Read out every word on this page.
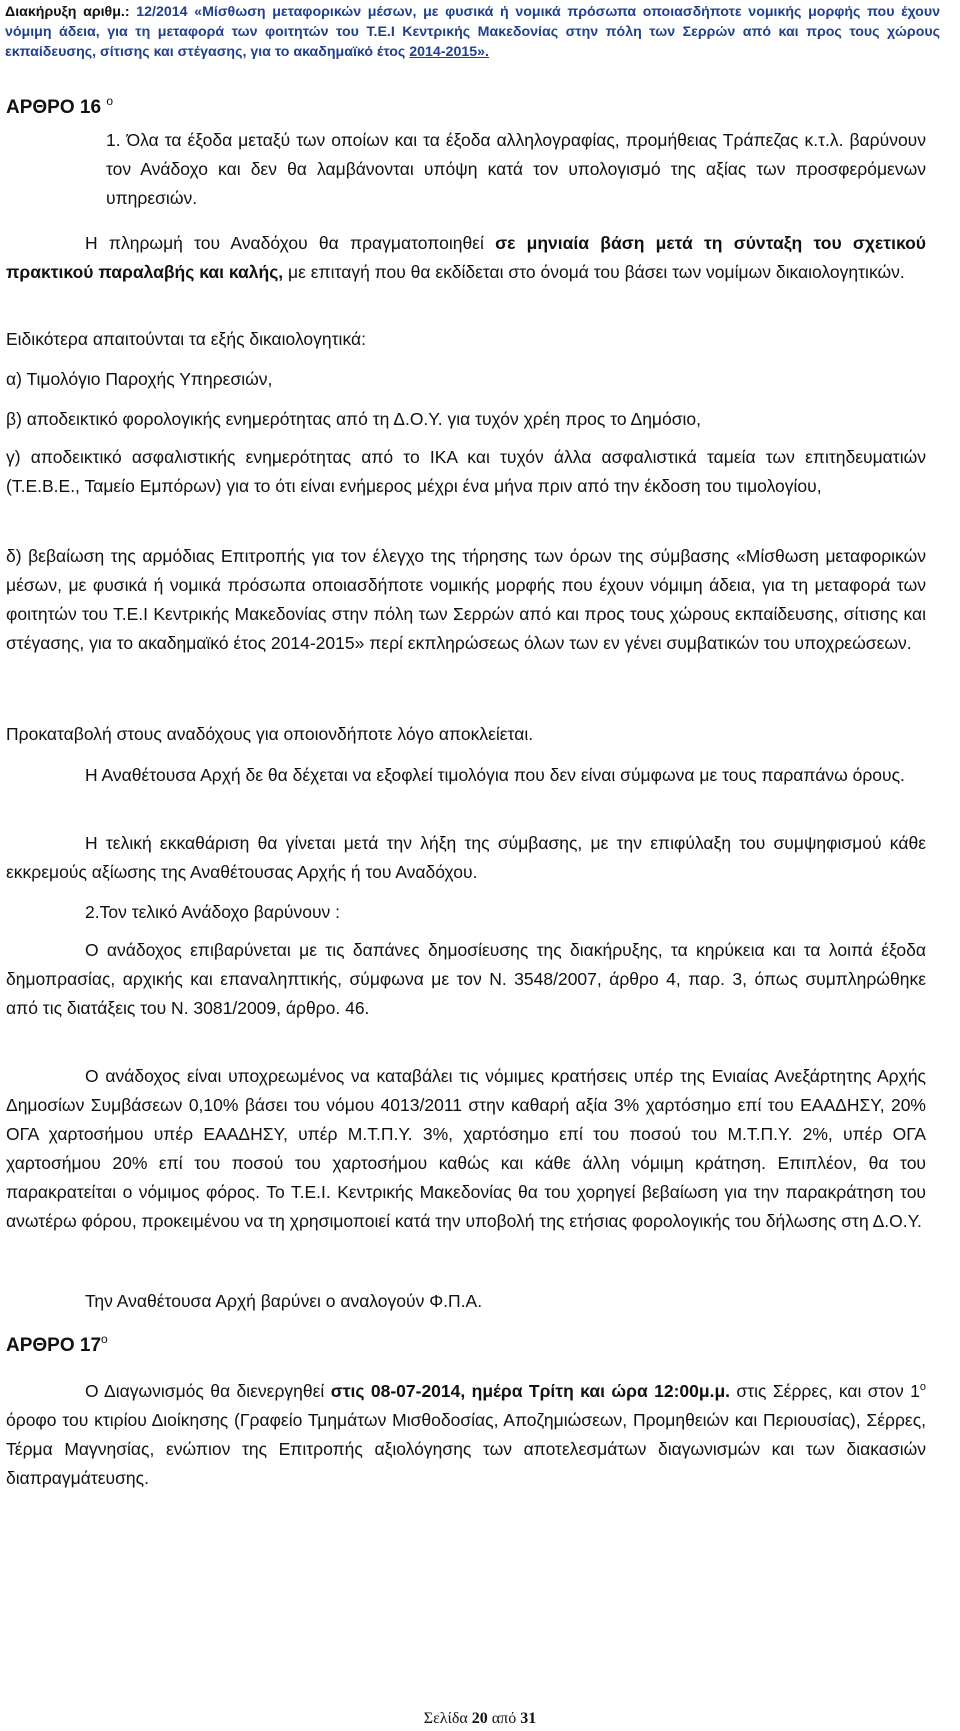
Διακήρυξη αριθμ.: 12/2014 «Μίσθωση μεταφορικών μέσων, με φυσικά ή νομικά πρόσωπα οποιασδήποτε νομικής μορφής που έχουν νόμιμη άδεια, για τη μεταφορά των φοιτητών του Τ.Ε.Ι Κεντρικής Μακεδονίας στην πόλη των Σερρών από και προς τους χώρους εκπαίδευσης, σίτισης και στέγασης, για το ακαδημαϊκό έτος 2014-2015».
ΑΡΘΡΟ 16 $^o$
1. Όλα τα έξοδα μεταξύ των οποίων και τα έξοδα αλληλογραφίας, προμήθειας Τράπεζας κ.τ.λ. βαρύνουν τον Ανάδοχο και δεν θα λαμβάνονται υπόψη κατά τον υπολογισμό της αξίας των προσφερόμενων υπηρεσιών.
Η πληρωμή του Αναδόχου θα πραγματοποιηθεί σε μηνιαία βάση μετά τη σύνταξη του σχετικού πρακτικού παραλαβής και καλής, με επιταγή που θα εκδίδεται στο όνομά του βάσει των νομίμων δικαιολογητικών.
Ειδικότερα απαιτούνται τα εξής δικαιολογητικά:
α) Τιμολόγιο Παροχής Υπηρεσιών,
β) αποδεικτικό φορολογικής ενημερότητας από τη Δ.Ο.Υ. για τυχόν χρέη προς το Δημόσιο,
γ) αποδεικτικό ασφαλιστικής ενημερότητας από το ΙΚΑ και τυχόν άλλα ασφαλιστικά ταμεία των επιτηδευματιών (Τ.Ε.Β.Ε., Ταμείο Εμπόρων) για το ότι είναι ενήμερος μέχρι ένα μήνα πριν από την έκδοση του τιμολογίου,
δ) βεβαίωση της αρμόδιας Επιτροπής για τον έλεγχο της τήρησης των όρων της σύμβασης «Μίσθωση μεταφορικών μέσων, με φυσικά ή νομικά πρόσωπα οποιασδήποτε νομικής μορφής που έχουν νόμιμη άδεια, για τη μεταφορά των φοιτητών του Τ.Ε.Ι Κεντρικής Μακεδονίας στην πόλη των Σερρών από και προς τους χώρους εκπαίδευσης, σίτισης και στέγασης, για το ακαδημαϊκό έτος 2014-2015» περί εκπληρώσεως όλων των εν γένει συμβατικών του υποχρεώσεων.
Προκαταβολή στους αναδόχους για οποιονδήποτε λόγο αποκλείεται.
Η Αναθέτουσα Αρχή δε θα δέχεται να εξοφλεί τιμολόγια που δεν είναι σύμφωνα με τους παραπάνω όρους.
Η τελική εκκαθάριση θα γίνεται μετά την λήξη της σύμβασης, με την επιφύλαξη του συμψηφισμού κάθε εκκρεμούς αξίωσης της Αναθέτουσας Αρχής ή του Αναδόχου.
2.Τον τελικό Ανάδοχο βαρύνουν :
Ο ανάδοχος επιβαρύνεται με τις δαπάνες δημοσίευσης της διακήρυξης, τα κηρύκεια και τα λοιπά έξοδα δημοπρασίας, αρχικής και επαναληπτικής, σύμφωνα με τον Ν. 3548/2007, άρθρο 4, παρ. 3, όπως συμπληρώθηκε από τις διατάξεις του Ν. 3081/2009, άρθρο. 46.
Ο ανάδοχος είναι υποχρεωμένος να καταβάλει τις νόμιμες κρατήσεις υπέρ της Ενιαίας Ανεξάρτητης Αρχής Δημοσίων Συμβάσεων 0,10% βάσει του νόμου 4013/2011 στην καθαρή αξία 3% χαρτόσημο επί του ΕΑΑΔΗΣΥ, 20% ΟΓΑ χαρτοσήμου υπέρ ΕΑΑΔΗΣΥ, υπέρ Μ.Τ.Π.Υ. 3%, χαρτόσημο επί του ποσού του Μ.Τ.Π.Υ. 2%, υπέρ ΟΓΑ χαρτοσήμου 20% επί του ποσού του χαρτοσήμου καθώς και κάθε άλλη νόμιμη κράτηση. Επιπλέον, θα του παρακρατείται ο νόμιμος φόρος. Το Τ.Ε.Ι. Κεντρικής Μακεδονίας θα του χορηγεί βεβαίωση για την παρακράτηση του ανωτέρω φόρου, προκειμένου να τη χρησιμοποιεί κατά την υποβολή της ετήσιας φορολογικής του δήλωσης στη Δ.Ο.Υ.
Την Αναθέτουσα Αρχή βαρύνει ο αναλογούν Φ.Π.Α.
ΑΡΘΡΟ $17^o$
Ο Διαγωνισμός θα διενεργηθεί στις 08-07-2014, ημέρα Τρίτη και ώρα 12:00μ.μ. στις Σέρρες, και στον $1^o$ όροφο του κτιρίου Διοίκησης (Γραφείο Τμημάτων Μισθοδοσίας, Αποζημιώσεων, Προμηθειών και Περιουσίας), Σέρρες, Τέρμα Μαγνησίας, ενώπιον της Επιτροπής αξιολόγησης των αποτελεσμάτων διαγωνισμών και των διακασιών διαπραγμάτευσης.
Σελίδα 20 από 31
